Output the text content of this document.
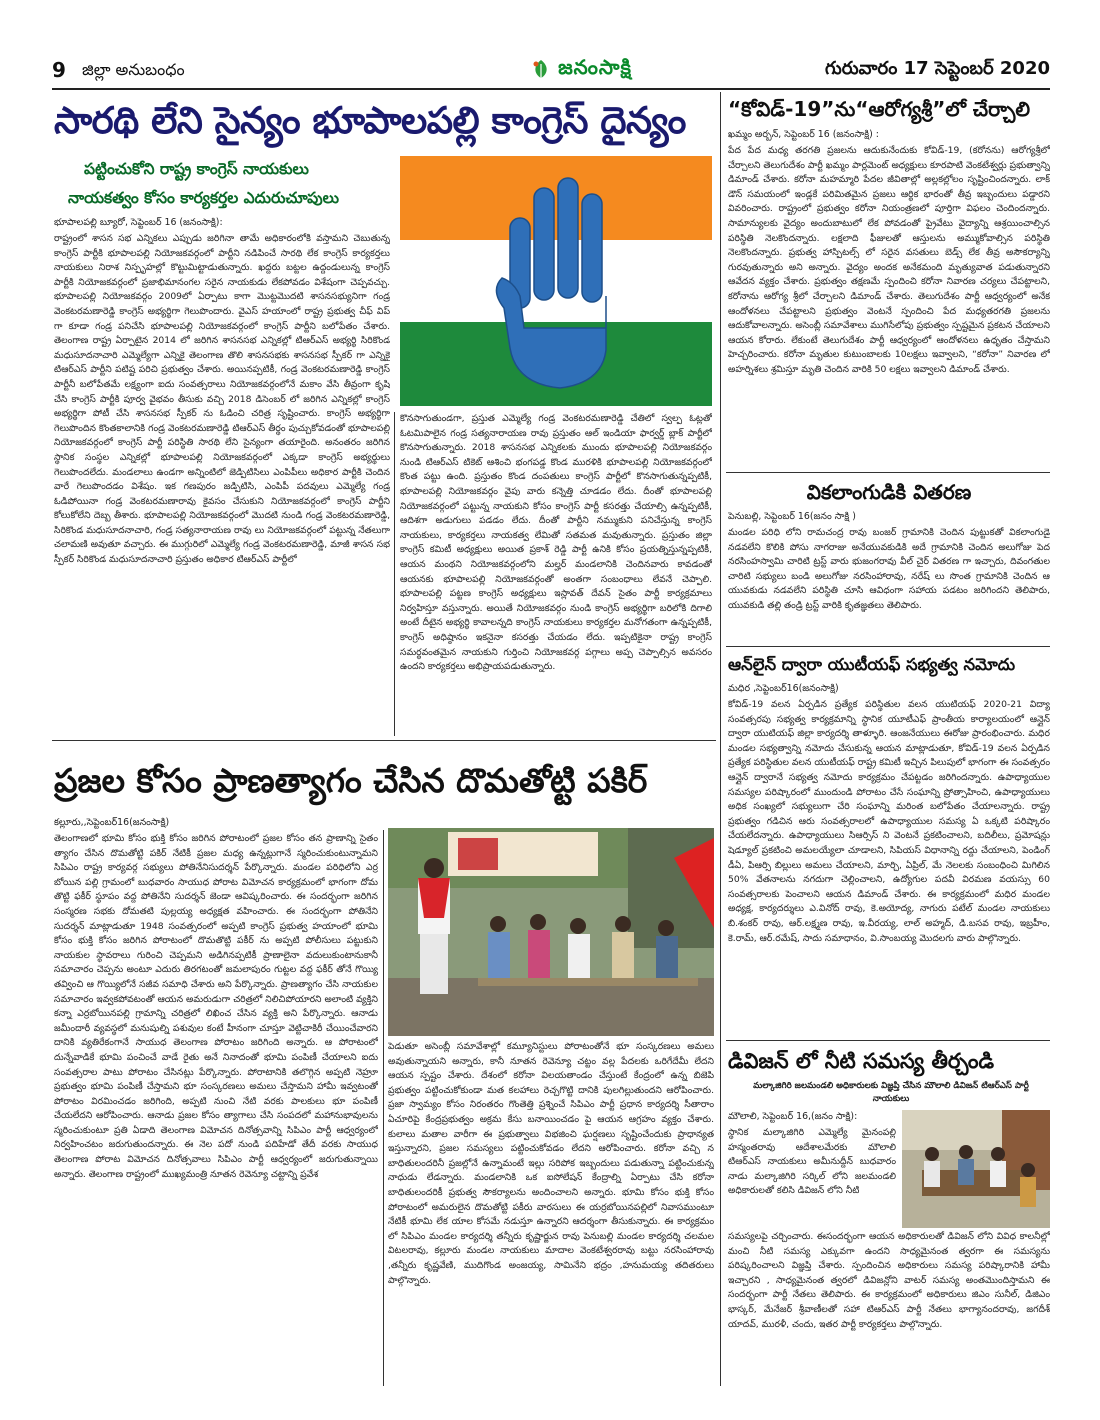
9 జిల్లా అనుబంధం	జనంసాక్షి	గురువారం 17 సెప్టెంబర్ 2020
సారథి లేని సైన్యం భూపాలపల్లి కాంగ్రెస్ దైన్యం
పట్టించుకోని రాష్ట్ర కాంగ్రెస్ నాయకులు
నాయకత్వం కోసం కార్యకర్తల ఎదురుచూపులు
భూపాలపల్లి బ్యూరో, సెప్టెంబర్ 16 (జనంసాక్షి):
రాష్ట్రంలో శాసన సభ ఎన్నికలు ఎప్పుడు జరిగినా తామే అధికారంలోకి వస్తామని చెబుతున్న కాంగ్రెస్ పార్టీకి భూపాలపల్లి నియోజకవర్గంలో పార్టీని నడిపించే సారథి లేక కాంగ్రెస్ కార్యకర్తలు నాయకులు నిరాశ నిస్పృహల్లో కొట్టుమిట్టాడుతున్నారు. ఖద్దరు బట్టల ఉద్దండులున్న కాంగ్రెస్ పార్టీకి నియోజకవర్గంలో ప్రజాభిమానంగల సరైన నాయకుడు లేకపోవడం విశేషంగా చెప్పవచ్చు. భూపాలపల్లి నియోజకవర్గం 2009లో ఏర్పాటు కాగా మొట్టమొదటి శాసనసభ్యునిగా గండ్ర వెంకటరమణారెడ్డి కాంగ్రెస్ అభ్యర్థిగా గెలుపొందారు. వైఎస్ హయాంలో రాష్ట్ర ప్రభుత్వ చీఫ్ విప్ గా కూడా గండ్ర పనిచేసి భూపాలపల్లి నియోజకవర్గంలో కాంగ్రెస్ పార్టీని బలోపేతం చేశారు. తెలంగాణ రాష్ట్ర ఏర్పాటైన 2014 లో జరిగిన శాసనసభ ఎన్నికల్లో టిఆర్ఎస్ అభ్యర్థి సిరికొండ మధుసూదనాచారి ఎమ్మెల్యేగా ఎన్నికై తెలంగాణ తొలి శాసనసభకు శాసనసభ స్పీకర్ గా ఎన్నికై టిఆర్ఎస్ పార్టీని పటిష్ట పరిచి ప్రభుత్వం చేశారు. అయినప్పటికీ, గండ్ర వెంకటరమణారెడ్డి కాంగ్రెస్ పార్టీనీ బలోపేతమే లక్ష్యంగా ఐదు సంవత్సరాలు నియోజకవర్గంలోనే మకాం వేసి తీవ్రంగా కృషి చేసి కాంగ్రెస్ పార్టీకి పూర్వ వైభవం తీసుకు వచ్చి 2018 డిసెంబర్ లో జరిగిన ఎన్నికల్లో కాంగ్రెస్ అభ్యర్థిగా పోటీ చేసి శాసనసభ స్పీకర్ ను ఓడించి చరిత్ర సృష్టించారు. కాంగ్రెస్ అభ్యర్థిగా గెలుపొందిన కొంతకాలానికి గండ్ర వెంకటరమణారెడ్డి టిఆర్ఎస్ తీర్థం పుచ్చుకోవడంతో భూపాలపల్లి నియోజకవర్గంలో కాంగ్రెస్ పార్టీ పరిస్థితి సారథి లేని సైన్యంగా తయారైంది. అనంతరం జరిగిన స్థానిక సంస్థల ఎన్నికల్లో భూపాలపల్లి నియోజకవర్గంలో ఎక్కడా కాంగ్రెస్ అభ్యర్థులు గెలుపొందలేదు. మండలాలు ఉండగా అన్నింటిలో జెడ్పిటిసిలు ఎంపిపీలు అధికార పార్టీకి చెందిన వారే గెలుపొందడం విశేషం. ఇక గణపురం జడ్పిటిసి, ఎంపిపీ పదవులు ఎమ్మెల్యే గండ్ర ఓడిపోయినా గండ్ర వెంకటరమణారావు కైవసం చేసుకుని నియోజకవర్గంలో కాంగ్రెస్ పార్టీని కోలుకోలేని దెబ్బ తీశారు. భూపాలపల్లి నియోజకవర్గంలో మొదటి నుండి గండ్ర వెంకటరమణారెడ్డి, సిరికొండ మధుసూదనాచారి, గండ్ర సత్యనారాయణ రావు లు నియోజకవర్గంలో పట్టున్న నేతలుగా చలామణి అవుతూ వచ్చారు. ఈ ముగ్గురిలో ఎమ్మెల్యే గండ్ర వెంకటరమణారెడ్డి, మాజీ శాసన సభ స్పీకర్ సిరికొండ మధుసూదనాచారి ప్రస్తుతం అధికార టిఆర్ఎస్ పార్టీలో
కొనసాగుతుండగా, ప్రస్తుత ఎమ్మెల్యే గండ్ర వెంకటరమణారెడ్డి చేతిలో స్వల్ప ఓట్లతో ఓటమిపాలైన గండ్ర సత్యనారాయణ రావు ప్రస్తుతం ఆల్ ఇండియా ఫార్వర్డ్ బ్లాక్ పార్టీలో కొనసాగుతున్నారు. 2018 శాసనసభ ఎన్నికలకు ముందు భూపాలపల్లి నియోజకవర్గం నుండి టిఆర్ఎస్ టికెట్ ఆశించి భంగపడ్డ కొండ మురళికి భూపాలపల్లి నియోజకవర్గంలో కొంత పట్టు ఉంది. ప్రస్తుతం కొండ దంపతులు కాంగ్రెస్ పార్టీలో కొనసాగుతున్నప్పటికీ, భూపాలపల్లి నియోజకవర్గం వైపు వారు కన్నెత్తి చూడడం లేదు. దీంతో భూపాలపల్లి నియోజకవర్గంలో పట్టున్న నాయకుని కోసం కాంగ్రెస్ పార్టీ కసరత్తు చేయాల్సి ఉన్నప్పటికీ, ఆదిశగా అడుగులు పడడం లేదు. దీంతో పార్టీని నమ్ముకుని పనిచేస్తున్న కాంగ్రెస్ నాయకులు, కార్యకర్తలు నాయకత్వ లేమితో సతమత మవుతున్నారు. ప్రస్తుతం జిల్లా కాంగ్రెస్ కమిటీ అధ్యక్షులు అయిత ప్రకాశ్ రెడ్డి పార్టీ ఉనికి కోసం ప్రయత్నిస్తున్నప్పటికీ, ఆయన మంథని నియోజకవర్గంలోని మల్హర్ మండలానికి చెందినవారు కావడంతో ఆయనకు భూపాలపల్లి నియోజకవర్గంతో అంతగా సంబంధాలు లేవనే చెప్పాలి. భూపాలపల్లి పట్టణ కాంగ్రెస్ అధ్యక్షులు ఇస్లావత్ దేవన్ సైతం పార్టీ కార్యక్రమాలు నిర్వహిస్తూ వస్తున్నారు. అయితే నియోజకవర్గం నుండి కాంగ్రెస్ అభ్యర్థిగా బరిలోకి దిగాలి అంటే దీటైన అభ్యర్థి కావాలన్నది కాంగ్రెస్ నాయకులు కార్యకర్తల మనోగతంగా ఉన్నప్పటికీ, కాంగ్రెస్ అధిష్ఠానం ఇకనైనా కసరత్తు చేయడం లేదు. ఇప్పటికైనా రాష్ట్ర కాంగ్రెస్ సమర్థవంతమైన నాయకుని గుర్తించి నియోజకవర్గ పగ్గాలు అప్ప చెప్పాల్సిన అవసరం ఉందని కార్యకర్తలు అభిప్రాయపడుతున్నారు.
ప్రజల కోసం ప్రాణత్యాగం చేసిన దొమతోట్టి పకిర్
కల్లూరు,,సెప్టెంబర్16(జనంసాక్షి)
తెలంగాణలో భూమి కోసం భుక్తి కోసం జరిగిన పోరాటంలో ప్రజల కోసం తన ప్రాణాన్ని సైతం త్యాగం చేసిన దొమతోట్టి పకిర్ నేటికీ ప్రజల మధ్య ఉన్నట్లుగానే స్మరించుకుంటున్నామని సిపిఎం రాష్ట్ర కార్యవర్గ సభ్యులు పోతినేనిసుదర్శన్ పేర్కొన్నారు. మండల పరిధిలోని ఎర్ర బోయిన పల్లి గ్రామంలో బుధవారం సాయుధ పోరాట విమోచన కార్యక్రమంలో భాగంగా దోమ తొట్టి ఫకీర్ స్థూపం వద్ద పోతినేని సుదర్శన్ జెండా ఆవిష్కరించారు. ఈ సందర్భంగా జరిగిన సంస్మరణ సభకు దోమతటి పుల్లయ్య అధ్యక్షత వహించారు. ఈ సందర్భంగా పోతినేని సుదర్శన్ మాట్లాడుతూ 1948 సంవత్సరంలో అప్పటి కాంగ్రెస్ ప్రభుత్వ హయాంలో భూమి కోసం భుక్తి కోసం జరిగిన పోరాటంలో దొమతొట్టి పకీర్ ను అప్పటి పోలీసులు పట్టుకుని నాయకుల స్థావరాలు గురించి చెప్పమని అడిగినప్పటికీ ప్రాణాలైనా వదులుకుంటానుకానీ సమాచారం చెప్పను అంటూ ఎదురు తిరగటంతో జమలాపురం గుట్టల వద్ద ఫకీర్ తోనే గొయ్యి తవ్వించి ఆ గొయ్యిలోనే సజీవ సమాధి చేశారు అని పేర్కొన్నారు. ప్రాణత్యాగం చేసి నాయకుల సమాచారం ఇవ్వకపోవటంతో ఆయన అమరుడుగా చరిత్రలో నిలిచిపోయారని అలాంటి వ్యక్తిని కన్నా ఎర్రబోయినపల్లి గ్రామాన్ని చరిత్రలో లిఖించ చేసిన వ్యక్తి అని పేర్కొన్నారు. ఆనాడు జమీందారీ వ్యవస్థలో మనుషుల్ని పశువుల కంటే హీనంగా చూస్తూ వెట్టిచాకిరీ చేయించేవారని దానికి వ్యతిరేకంగానే సాయుధ తెలంగాణ పోరాటం జరిగింది అన్నారు. ఆ పోరాటంలో దున్నేవాడికే భూమి పంచించే వాడే రైతు అనే నినాదంతో భూమి పంపిణీ చేయాలని ఐదు సంవత్సరాల పాటు పోరాటం చేసినట్లు పేర్కొన్నారు. పోరాటానికి తలొగ్గిన అప్పటి నెహ్రూ ప్రభుత్వం భూమి పంపిణీ చేస్తామని భూ సంస్కరణలు అమలు చేస్తామని హామీ ఇవ్వటంతో పోరాటం విరమించడం జరిగింది, అప్పటి నుంచి నేటి వరకు పాలకులు భూ పంపిణీ చేయలేదని ఆరోపించారు. ఆనాడు ప్రజల కోసం త్యాగాలు చేసి సంపదలో మహానుభావులను స్మరించుకుంటూ ప్రతి ఏడాది తెలంగాణ విమోచన దినోత్సవాన్ని సిపిఎం పార్టీ ఆధ్వర్యంలో నిర్వహించటం జరుగుతుందన్నారు. ఈ నెల పదో నుండి పదిహేడో తేదీ వరకు సాయుధ తెలంగాణ పోరాట విమోచన దినోత్సవాలు సిపిఎం పార్టీ ఆధ్వర్యంలో జరుగుతున్నాయి అన్నారు. తెలంగాణ రాష్ట్రంలో ముఖ్యమంత్రి నూతన రెవెన్యూ చట్టాన్ని ప్రవేశ
పెడుతూ అసెంబ్లీ సమావేశాల్లో కమ్యూనిస్టులు పోరాటంతోనే భూ సంస్కరణలు అమలు అవుతున్నాయని అన్నారు, కానీ నూతన రెవెన్యూ చట్టం వల్ల పేదలకు ఒరిగేదేమీ లేదని ఆయన స్పష్టం చేశారు. దేశంలో కరోనా విలయతాండం చేస్తుంటే కేంద్రంలో ఉన్న బిజెపి ప్రభుత్వం పట్టించుకోకుండా మత కలహాలు రెచ్చగొట్టి దానికి పులగిల్లుతుందని ఆరోపించారు. ప్రజా స్వామ్యం కోసం నిరంతరం గొంతెత్తి ప్రశ్నించే సిపిఎం పార్టీ ప్రధాన కార్యదర్శి సీతారాం ఏచూరిపై కేంద్రప్రభుత్వం అక్రమ కేసు బనాయించడం పై ఆయన ఆగ్రహం వ్యక్తం చేశారు. కులాలు మతాల వారీగా ఈ ప్రభుత్వాలు విభజించి ఘర్షణలు సృష్టించేందుకు ప్రాధాన్యత ఇస్తున్నారని, ప్రజల సమస్యలు పట్టించుకోవడం లేదని ఆరోపించారు. కరోనా వచ్చి న బాధితులందరినీ ప్రజల్లోనే ఉన్నామంటే ఇల్లు సరిపోక ఇబ్బందులు పడుతున్నా పట్టించుకున్న నాధుడు లేడన్నారు. మండలానికి ఒక ఐసోలేషన్ కేంద్రాల్ని ఏర్పాటు చేసి కరోనా బాధితులందరికీ ప్రభుత్వ సౌకర్యాలను అందించాలని అన్నారు. భూమి కోసం భుక్తి కోసం పోరాటంలో అమరులైన దొమతోట్టి పకీరు వారసులు ఈ యర్రబోయినపల్లిలో నివాసముంటూ నేటికీ భూమి లేక యాల కోసమే నడుస్తూ ఉన్నారని ఆదర్శంగా తీసుకున్నారు. ఈ కార్యక్రమం లో సిపిఎం మండల కార్యదర్శి తన్నీరు కృష్ణార్జున రావు పెనుబల్లి మండల కార్యదర్శి చలమల విటలరావు, కల్లూరు మండల నాయకులు మాదాల వెంకటేశ్వరరావు బట్టు నరసింహారావు ,తన్నీరు కృష్ణవేణి, ముదిగొండ అంజయ్య, సామినేని భద్రం ,హనుమయ్య తదితరులు పాల్గొన్నారు.
“కోవిడ్-19”ను“ఆరోగ్యశ్రీ”లో చేర్చాలి
ఖమ్మం అర్బన్, సెప్టెంబర్ 16 (జనంసాక్షి) :
పేద పేద మధ్య తరగతి ప్రజలను ఆదుకునేందుకు కోవిడ్-19, (కరోనను) ఆరోగ్యశ్రీలో చేర్చాలని తెలుగుదేశం పార్టీ ఖమ్మం పార్లమెంట్ అధ్యక్షులు కూరపాటి వెంకటేశ్వర్లు ప్రభుత్వాన్ని డిమాండ్ చేశారు. కరోనా మహమ్మారి పేదల జీవితాల్లో అల్లకల్లోలం సృష్టించిందన్నారు. లాక్ డౌన్ సమయంలో ఇండ్లకే పరిమితమైన ప్రజలు ఆర్థిక భారంతో తీవ్ర ఇబ్బందులు పడ్డారని వివరించారు. రాష్ట్రంలో ప్రభుత్వం కరోనా నియంత్రణలో పూర్తిగా విఫలం చెందిందన్నారు. సామాన్యులకు వైద్యం అందుబాటులో లేక పోవడంతో ప్రైవేటు వైద్యాన్ని ఆశ్రయించాల్సిన పరిస్థితి నెలకొందన్నారు. లక్షలాది ఫీజులతో ఆస్తులను అమ్ముకోవాల్సిన పరిస్థితి నెలకొందన్నారు. ప్రభుత్వ హాస్పిటల్స్ లో సరైన వసతులు బెడ్స్ లేక తీవ్ర అసౌకర్యాన్ని గురవుతున్నారు అని అన్నారు. వైద్యం అందక అనేకమంది మృత్యువాత పడుతున్నారని ఆవేదన వ్యక్తం చేశారు. ప్రభుత్వం తక్షణమే స్పందించి కరోనా నివారణ చర్యలు చేపట్టాలని, కరోనాను ఆరోగ్య శ్రీలో చేర్చాలని డిమాండ్ చేశారు. తెలుగుదేశం పార్టీ ఆధ్వర్యంలో అనేక ఆందోళనలు చేపట్టాలని ప్రభుత్వం వెంటనే స్పందించి పేద మధ్యతరగతి ప్రజలను ఆదుకోవాలన్నారు. అసెంబ్లీ సమావేశాలు ముగిసేలోపు ప్రభుత్వం స్పష్టమైన ప్రకటన చేయాలని ఆయన కోరారు. లేకుంటే తెలుగుదేశం పార్టీ ఆధ్వర్యంలో ఆందోళనలు ఉధృతం చేస్తామని హెచ్చరించారు. కరోనా మృతుల కుటుంబాలకు 10లక్షలు ఇవ్వాలని, “కరోనా” నివారణ లో అహర్నిశలు శ్రమిస్తూ మృతి చెందిన వారికి 50 లక్షలు ఇవ్వాలని డిమాండ్ చేశారు.
వికలాంగుడికి వితరణ
పెనుబల్లి, సెప్టెంబర్ 16(జనం సాక్షి )
మండల పరిధి లోని రామచంద్ర రావు బంజర్ గ్రామానికి చెందిన పుట్టుకతో వికలాంగుడై నడవలేని కొలికి పోసు నాగరాజు అనేయువకుడికి అదే గ్రామానికి చెందిన అలుగోజు పెద నరసింహస్వామి చారిటి ట్రస్ట్ వారు భుజంగరావు వీల్ చైర్ వితరణ గా ఇచ్చారు, దివంగతుల చారిటి సభ్యులు బండి అలుగోజు నరసింహారావు, నరేష్ లు సొంత గ్రామానికి చెందిన ఆ యువకుడు నడవలేని పరిస్థితి చూసి ఆవిధంగా సహాయ పడటం జరిగిందని తెలిపారు, యువకుడి తల్లి తండ్రి ట్రస్ట్ వారికి కృతజ్ఞతలు తెలిపారు.
ఆన్‌లైన్ ద్వారా యుటీయఫ్ సభ్యత్వ నమోదు
మధిర ,సెప్టెంబర్16(జనంసాక్షి)
కోవిడ్-19 వలన ఏర్పడిన ప్రత్యేక పరిస్థితుల వలన యుటియఫ్ 2020-21 విద్యా సంవత్సరపు సభ్యత్వ కార్యక్రమాన్ని స్థానిక యూటీఎఫ్ ప్రాంతీయ కార్యాలయంలో ఆన్లైన్ ద్వారా యుటియఫ్ జిల్లా కార్యదర్శి తాళ్ళూరి. ఆంజనేయులు ఈరోజు ప్రారంభించారు. మధిర మండల సభ్యత్వాన్ని నమోదు చేసుకున్న ఆయన మాట్లాడుతూ, కోవిడ్-19 వలన ఏర్పడిన ప్రత్యేక పరిస్థితుల వలన యుటీయఫ్ రాష్ట్ర కమిటీ ఇచ్చిన పిలుపులో భాగంగా ఈ సంవత్సరం ఆన్లైన్ ద్వారానే సభ్యత్వ నమోదు కార్యక్రమం చేపట్టడం జరిగిందన్నారు. ఉపాధ్యాయుల సమస్యల పరిష్కారంలో ముందుండి పోరాటం చేసే సంఘాన్ని ప్రోత్సాహించి, ఉపాధ్యాయులు అధిక సంఖ్యలో సభ్యులుగా చేరి సంఘాన్ని మరింత బలోపేతం చేయాలన్నారు. రాష్ట్ర ప్రభుత్వం గడిచిన ఆరు సంవత్సరాలలో ఉపాధ్యాయుల సమస్య ఏ ఒక్కటి పరిష్కారం చేయలేదన్నారు. ఉపాధ్యాయులు సిఆర్సిస్ ని వెంటనే ప్రకటించాలని, బదిలీలు, ప్రమోషన్లు షెడ్యూల్ ప్రకటించి అమలయ్యేలా చూడాలని, సిపియస్ విధానాన్ని రద్దు చేయాలని, పెండింగ్ డీఏ, పిఆర్సి బిల్లులు అమలు చేయాలని, మార్చి, ఏప్రిల్, మే నెలలకు సంబంధించి మిగిలిన 50% వేతనాలను నగదుగా చెల్లించాలని, ఉద్యోగుల పదవీ విరమణ వయస్సు 60 సంవత్సరాలకు పెంచాలని ఆయన డిమాండ్ చేశారు. ఈ కార్యక్రమంలో మధిర మండల అధ్యక్ష, కార్యదర్శులు ఎ.వినోద్ రావు, కె.అయోద్య, నాగురు పటేల్ మండల నాయకులు బి.శంకర్ రావు, ఆర్.లక్ష్మణ రావు, ఇ.వీరయ్య, లాల్ అహ్మద్, డి.బసవ రావు, ఇబ్రహీం, కె.రామ్, ఆర్.రమేష్, సాదు సమాధానం, వి.సాంబయ్య మొదలగు వారు పాల్గొన్నారు.
డివిజన్ లో నీటి సమస్య తీర్చండి
మల్కాజిగిరి జలమండలి అధికారులకు విజ్ఞప్తి చేసిన మౌలాలి డివిజన్ టిఆర్ఎస్ పార్టీ నాయకులు
మౌలాలి, సెప్టెంబర్ 16,(జనం సాక్షి):
స్థానిక మల్కాజిగిరి ఎమ్మెల్యే మైనంపల్లి హన్మంతరావు ఆదేశాలమేరకు మౌలాలి టిఆర్ఎస్ నాయకులు అమీనుద్దీన్ బుధవారం నాడు మల్కాజిగిరి సర్కిల్ లోని జలమండలి అధికారులతో కలిసి డివిజన్ లోని నీటి
సమస్యలపై చర్చించారు. ఈసందర్భంగా ఆయన అధికారులతో డివిజన్ లోని వివిధ కాలనీల్లో మంచి నీటి సమస్య ఎక్కువగా ఉందని సాధ్యమైనంత త్వరగా ఈ సమస్యను పరిష్కరించాలని విజ్ఞప్తి చేశారు. స్పందించిన అధికారులు సమస్య పరిష్కారానికి హామీ ఇచ్చారని , సాధ్యమైనంత త్వరలో డివిజన్లోని వాటర్ సమస్య అంతమొందిస్తామని ఈ సందర్భంగా పార్టీ నేతలు తెలిపారు. ఈ కార్యక్రమంలో అధికారులు జిఎం సునీల్, డిజిఎం భాస్కర్, మేనేజర్ శ్రీవాణీలతో సహా టిఆర్ఎస్ పార్టీ నేతలు భాగ్యానందరావు, జగదీశ్ యాదవ్, మురళీ, చందు, ఇతర పార్టీ కార్యకర్తలు పాల్గొన్నారు.
